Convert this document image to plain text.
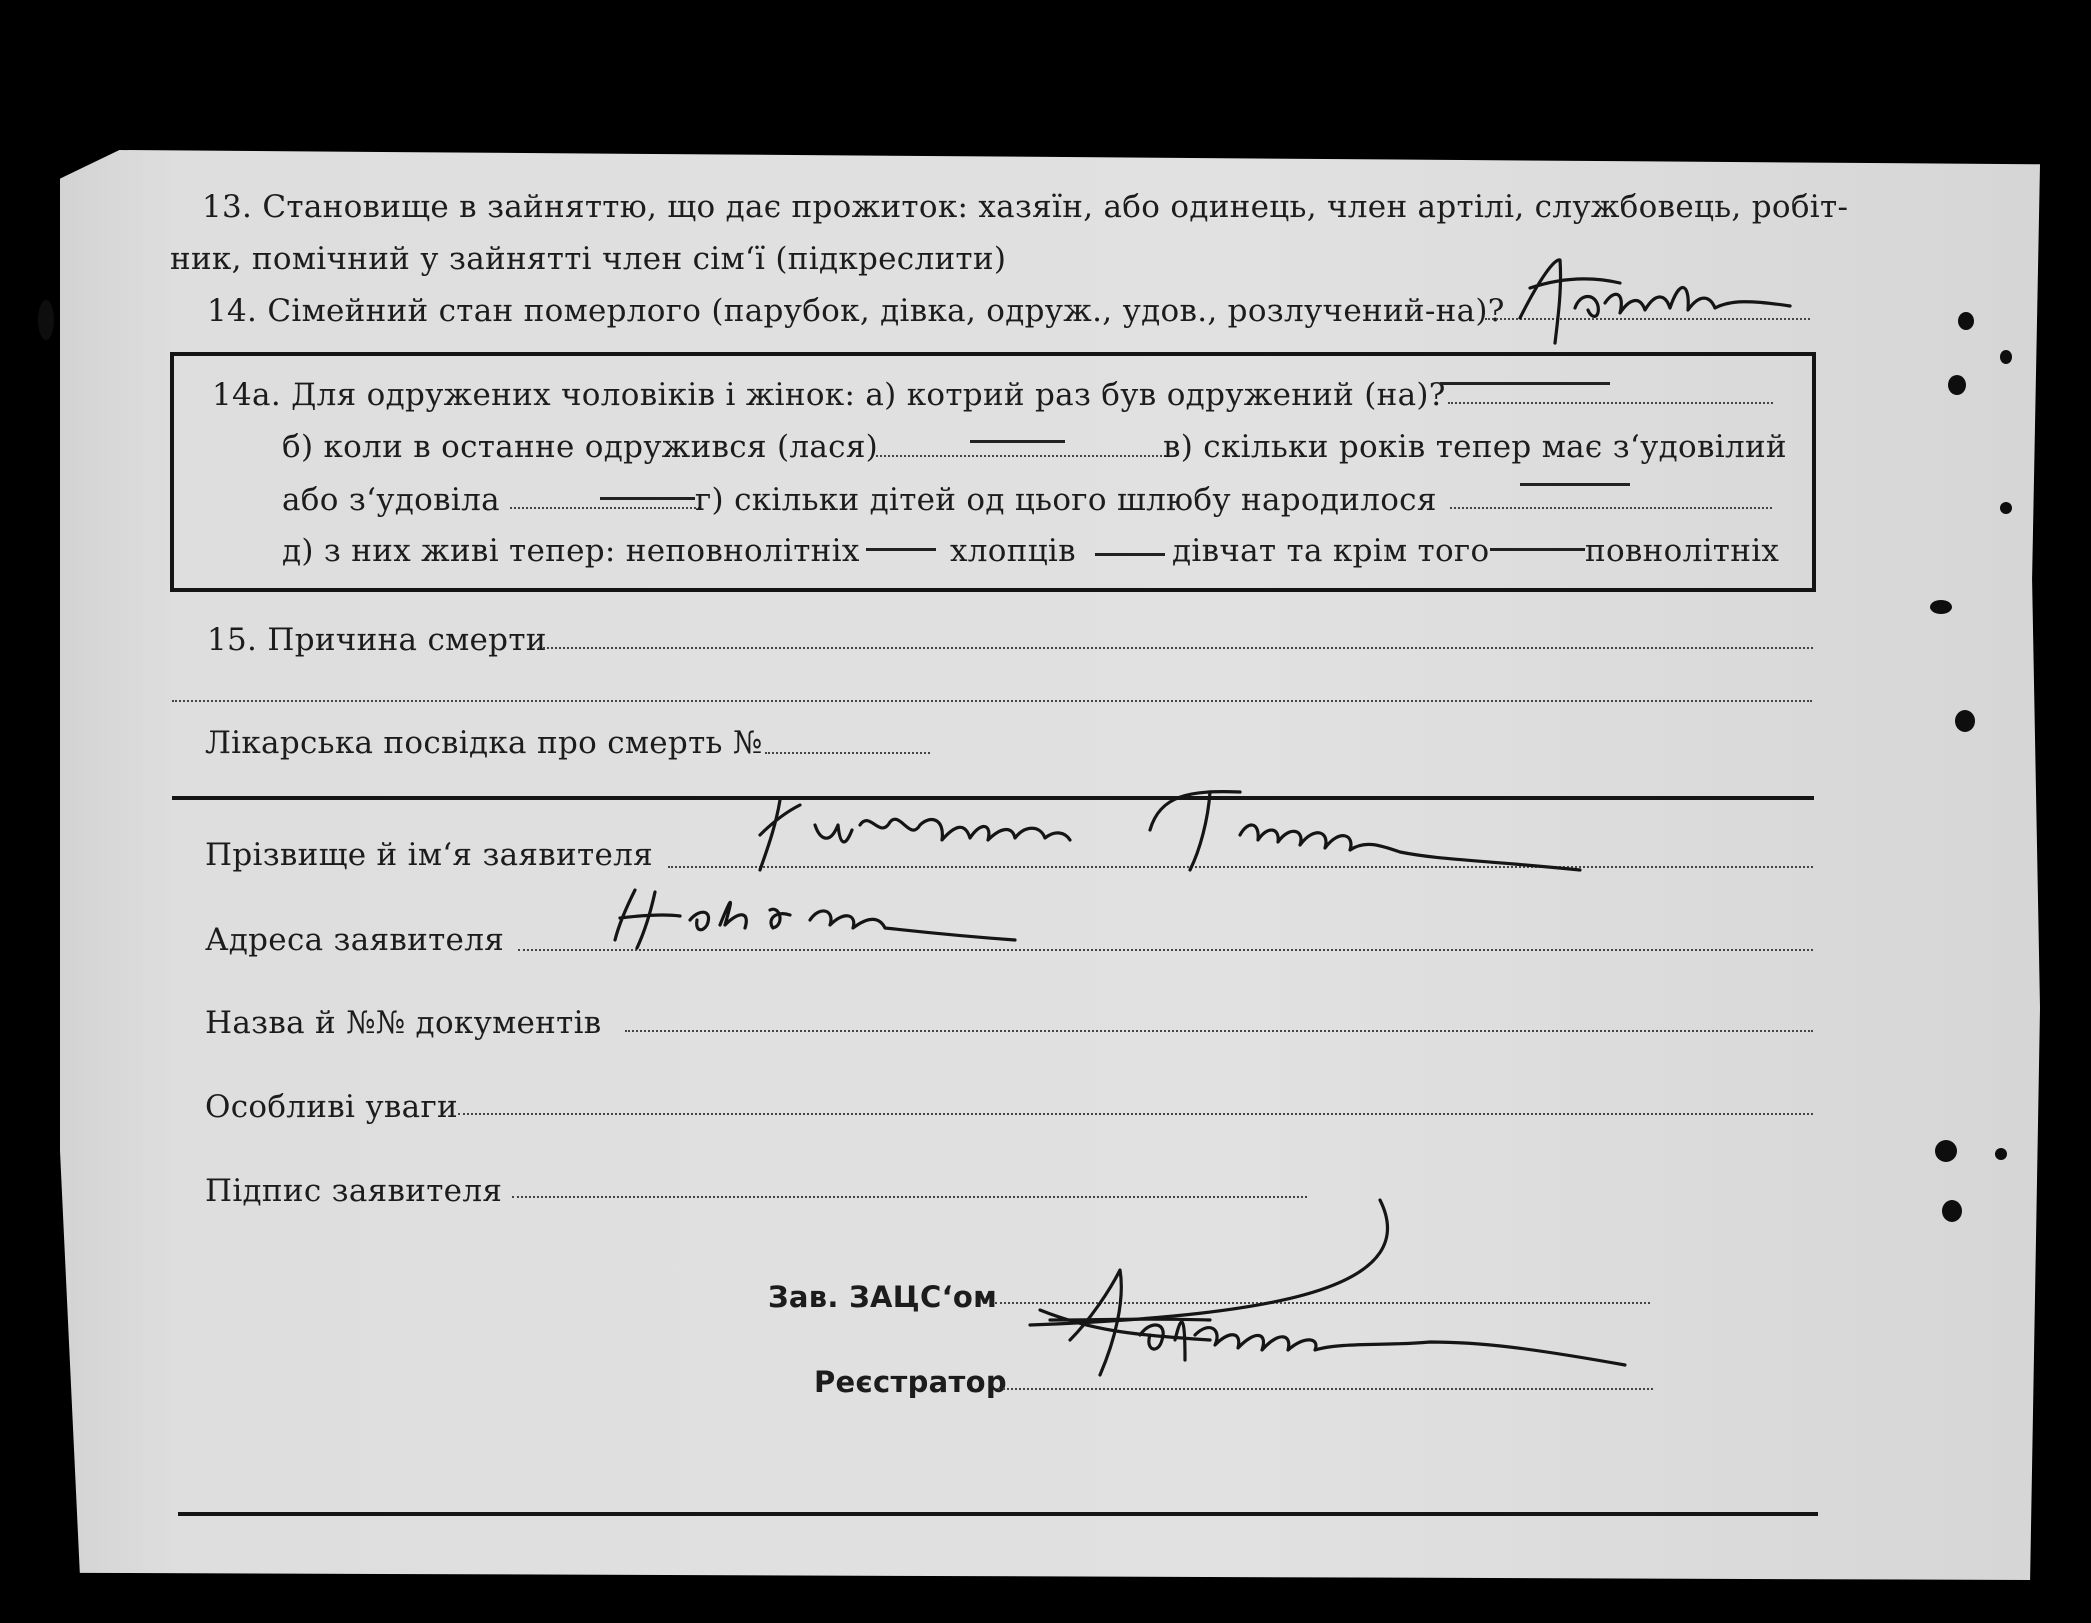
13. Становище в зайняттю, що дає прожиток: хазяїн, або одинець, член артілі, службовець, робіт-
ник, помічний у зайнятті член сім‘ї (підкреслити)
14. Сімейний стан померлого (парубок, дівка, одруж., удов., розлучений-на)?
14а. Для одружених чоловіків і жінок: а) котрий раз був одружений (на)?
б) коли в останне одружився (лася)	в) скільки років тепер має з‘удовілий
або з‘удовіла	г) скільки дітей од цього шлюбу народилося
д) з них живі тепер: неповнолітніх	хлопців	дівчат та крім того	повнолітніх
15. Причина смерти
Лікарська посвідка про смерть №
Прізвище й ім‘я заявителя
Адреса заявителя
Назва й №№ документів
Особливі уваги
Підпис заявителя
Зав. ЗАЦС‘ом
Реєстратор
